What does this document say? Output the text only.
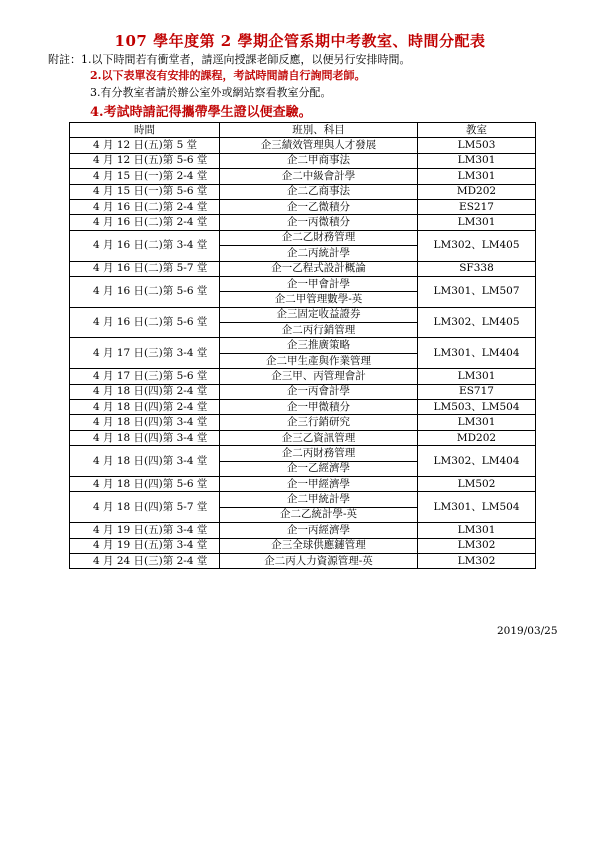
107 學年度第 2 學期企管系期中考教室、時間分配表
附註：1.以下時間若有衝堂者，請逕向授課老師反應，以便另行安排時間。
2.以下表單沒有安排的課程，考試時間請自行詢問老師。
3.有分教室者請於辦公室外或網站察看教室分配。
4.考試時請記得攜帶學生證以便查驗。
時間	班別、科目	教室
4 月 12 日(五)第 5 堂	企三績效管理與人才發展	LM503
4 月 12 日(五)第 5-6 堂	企二甲商事法	LM301
4 月 15 日(一)第 2-4 堂	企二中級會計學	LM301
4 月 15 日(一)第 5-6 堂	企二乙商事法	MD202
4 月 16 日(二)第 2-4 堂	企一乙微積分	ES217
4 月 16 日(二)第 2-4 堂	企一丙微積分	LM301
4 月 16 日(二)第 3-4 堂	企二乙財務管理	LM302、LM405
	企二丙統計學	
4 月 16 日(二)第 5-7 堂	企一乙程式設計概論	SF338
4 月 16 日(二)第 5-6 堂	企一甲會計學	LM301、LM507
	企二甲管理數學-英	
4 月 16 日(二)第 5-6 堂	企三固定收益證券	LM302、LM405
	企二丙行銷管理	
4 月 17 日(三)第 3-4 堂	企三推廣策略	LM301、LM404
	企二甲生產與作業管理	
4 月 17 日(三)第 5-6 堂	企三甲、丙管理會計	LM301
4 月 18 日(四)第 2-4 堂	企一丙會計學	ES717
4 月 18 日(四)第 2-4 堂	企一甲微積分	LM503、LM504
4 月 18 日(四)第 3-4 堂	企三行銷研究	LM301
4 月 18 日(四)第 3-4 堂	企三乙資訊管理	MD202
4 月 18 日(四)第 3-4 堂	企二丙財務管理	LM302、LM404
	企一乙經濟學	
4 月 18 日(四)第 5-6 堂	企一甲經濟學	LM502
4 月 18 日(四)第 5-7 堂	企二甲統計學	LM301、LM504
	企二乙統計學-英	
4 月 19 日(五)第 3-4 堂	企一丙經濟學	LM301
4 月 19 日(五)第 3-4 堂	企三全球供應鏈管理	LM302
4 月 24 日(三)第 2-4 堂	企二丙人力資源管理-英	LM302
2019/03/25
